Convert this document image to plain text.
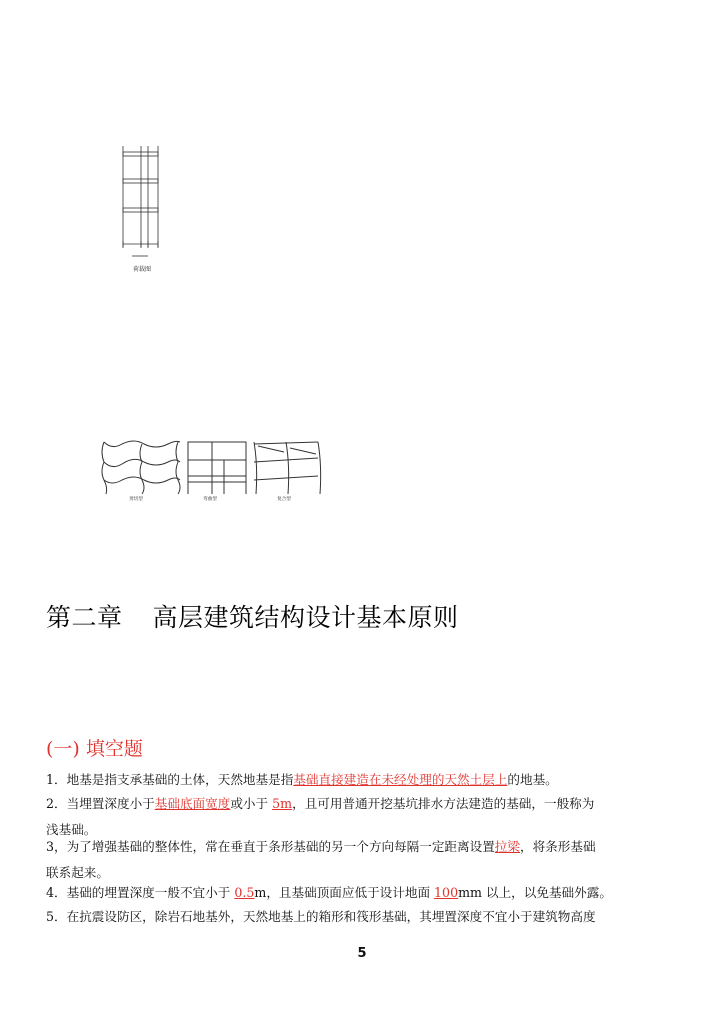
荷载图
剪切型	弯曲型	复合型
第二章 高层建筑结构设计基本原则
(一) 填空题
1．地基是指支承基础的土体，天然地基是指基础直接建造在未经处理的天然土层上的地基。
2．当埋置深度小于基础底面宽度或小于 5m，且可用普通开挖基坑排水方法建造的基础，一般称为
浅基础。
3，为了增强基础的整体性，常在垂直于条形基础的另一个方向每隔一定距离设置拉梁，将条形基础
联系起来。
4．基础的埋置深度一般不宜小于 0.5m，且基础顶面应低于设计地面 100mm 以上，以免基础外露。
5．在抗震设防区，除岩石地基外，天然地基上的箱形和筏形基础，其埋置深度不宜小于建筑物高度
5
